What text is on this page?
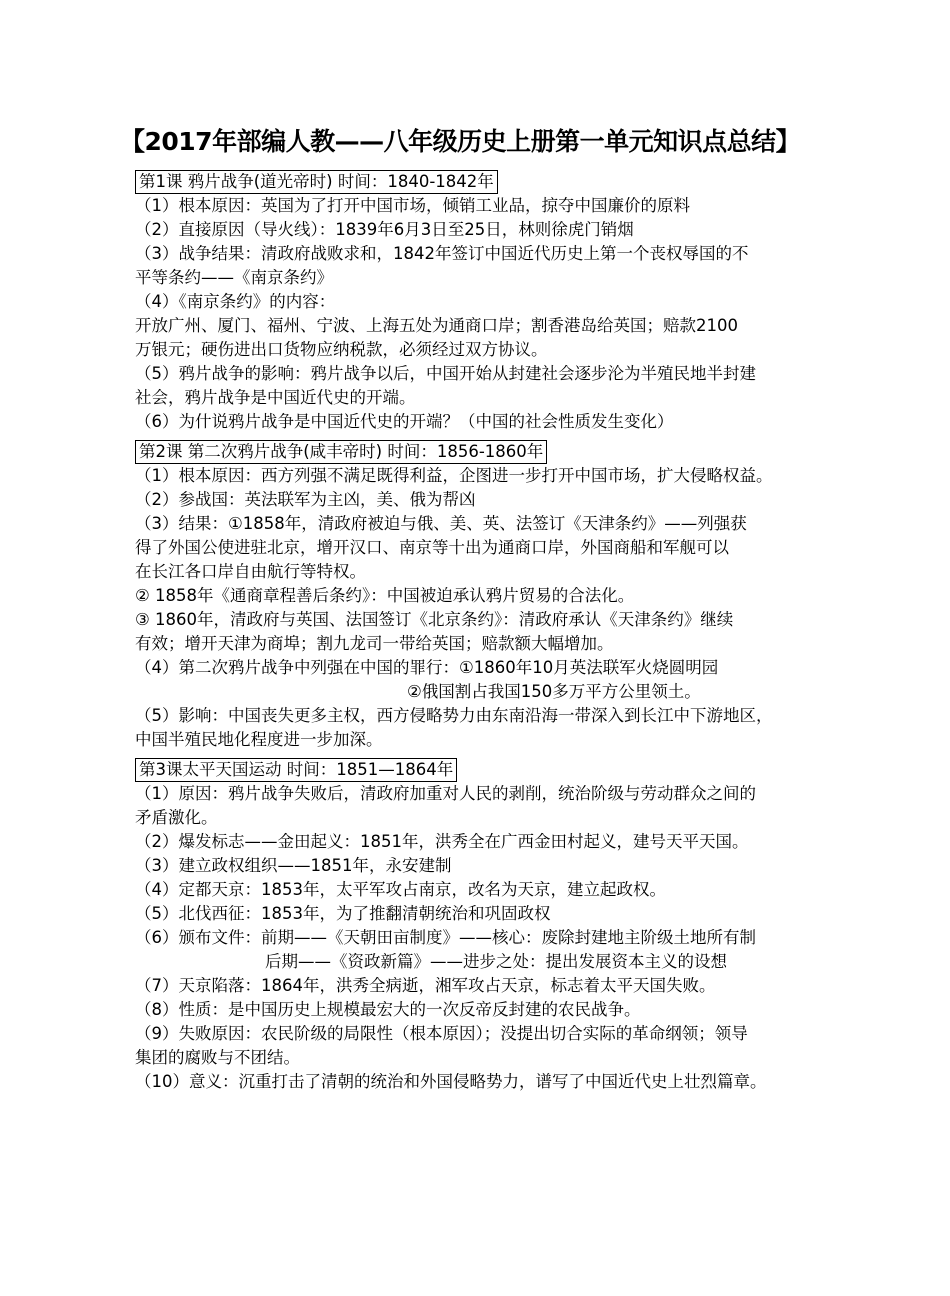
【2017年部编人教——八年级历史上册第一单元知识点总结】
第1课 鸦片战争(道光帝时) 时间：1840-1842年
（1）根本原因：英国为了打开中国市场，倾销工业品，掠夺中国廉价的原料
（2）直接原因（导火线）：1839年6月3日至25日，林则徐虎门销烟
（3）战争结果：清政府战败求和，1842年签订中国近代历史上第一个丧权辱国的不
平等条约——《南京条约》
（4）《南京条约》的内容：
开放广州、厦门、福州、宁波、上海五处为通商口岸；割香港岛给英国；赔款2100
万银元；硬伤进出口货物应纳税款，必须经过双方协议。
（5）鸦片战争的影响：鸦片战争以后，中国开始从封建社会逐步沦为半殖民地半封建
社会，鸦片战争是中国近代史的开端。
（6）为什说鸦片战争是中国近代史的开端？（中国的社会性质发生变化）
第2课 第二次鸦片战争(咸丰帝时) 时间：1856-1860年
（1）根本原因：西方列强不满足既得利益，企图进一步打开中国市场，扩大侵略权益。
（2）参战国：英法联军为主凶，美、俄为帮凶
（3）结果：①1858年，清政府被迫与俄、美、英、法签订《天津条约》——列强获
得了外国公使进驻北京，增开汉口、南京等十出为通商口岸，外国商船和军舰可以
在长江各口岸自由航行等特权。
② 1858年《通商章程善后条约》：中国被迫承认鸦片贸易的合法化。
③ 1860年，清政府与英国、法国签订《北京条约》：清政府承认《天津条约》继续
有效；增开天津为商埠；割九龙司一带给英国；赔款额大幅增加。
（4）第二次鸦片战争中列强在中国的罪行：①1860年10月英法联军火烧圆明园
②俄国割占我国150多万平方公里领土。
（5）影响：中国丧失更多主权，西方侵略势力由东南沿海一带深入到长江中下游地区，
中国半殖民地化程度进一步加深。
第3课太平天国运动 时间：1851—1864年
（1）原因：鸦片战争失败后，清政府加重对人民的剥削，统治阶级与劳动群众之间的
矛盾激化。
（2）爆发标志——金田起义：1851年，洪秀全在广西金田村起义，建号天平天国。
（3）建立政权组织——1851年，永安建制
（4）定都天京：1853年，太平军攻占南京，改名为天京，建立起政权。
（5）北伐西征：1853年，为了推翻清朝统治和巩固政权
（6）颁布文件：前期——《天朝田亩制度》——核心：废除封建地主阶级土地所有制
后期——《资政新篇》——进步之处：提出发展资本主义的设想
（7）天京陷落：1864年，洪秀全病逝，湘军攻占天京，标志着太平天国失败。
（8）性质：是中国历史上规模最宏大的一次反帝反封建的农民战争。
（9）失败原因：农民阶级的局限性（根本原因）；没提出切合实际的革命纲领；领导
集团的腐败与不团结。
（10）意义：沉重打击了清朝的统治和外国侵略势力，谱写了中国近代史上壮烈篇章。
